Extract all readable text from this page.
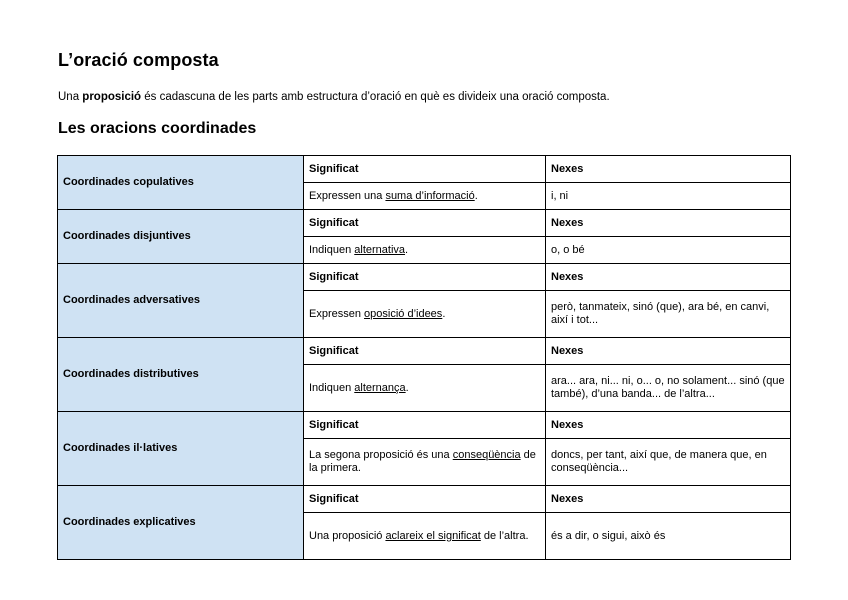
L’oració composta

Una proposició és cadascuna de les parts amb estructura d’oració en què es divideix una oració composta.

Les oracions coordinades
Coordinades copulatives	Significat	Nexes
	Expressen una suma d’informació.	i, ni
Coordinades disjuntives	Significat	Nexes
	Indiquen alternativa.	o, o bé
Coordinades adversatives	Significat	Nexes
	Expressen oposició d’idees.	però, tanmateix, sinó (que), ara bé, en canvi, així i tot...
Coordinades distributives	Significat	Nexes
	Indiquen alternança.	ara... ara, ni... ni, o... o, no solament... sinó (que també), d’una banda... de l’altra...
Coordinades il·latives	Significat	Nexes
	La segona proposició és una conseqüència de la primera.	doncs, per tant, així que, de manera que, en conseqüència...
Coordinades explicatives	Significat	Nexes
	Una proposició aclareix el significat de l’altra.	és a dir, o sigui, això és
